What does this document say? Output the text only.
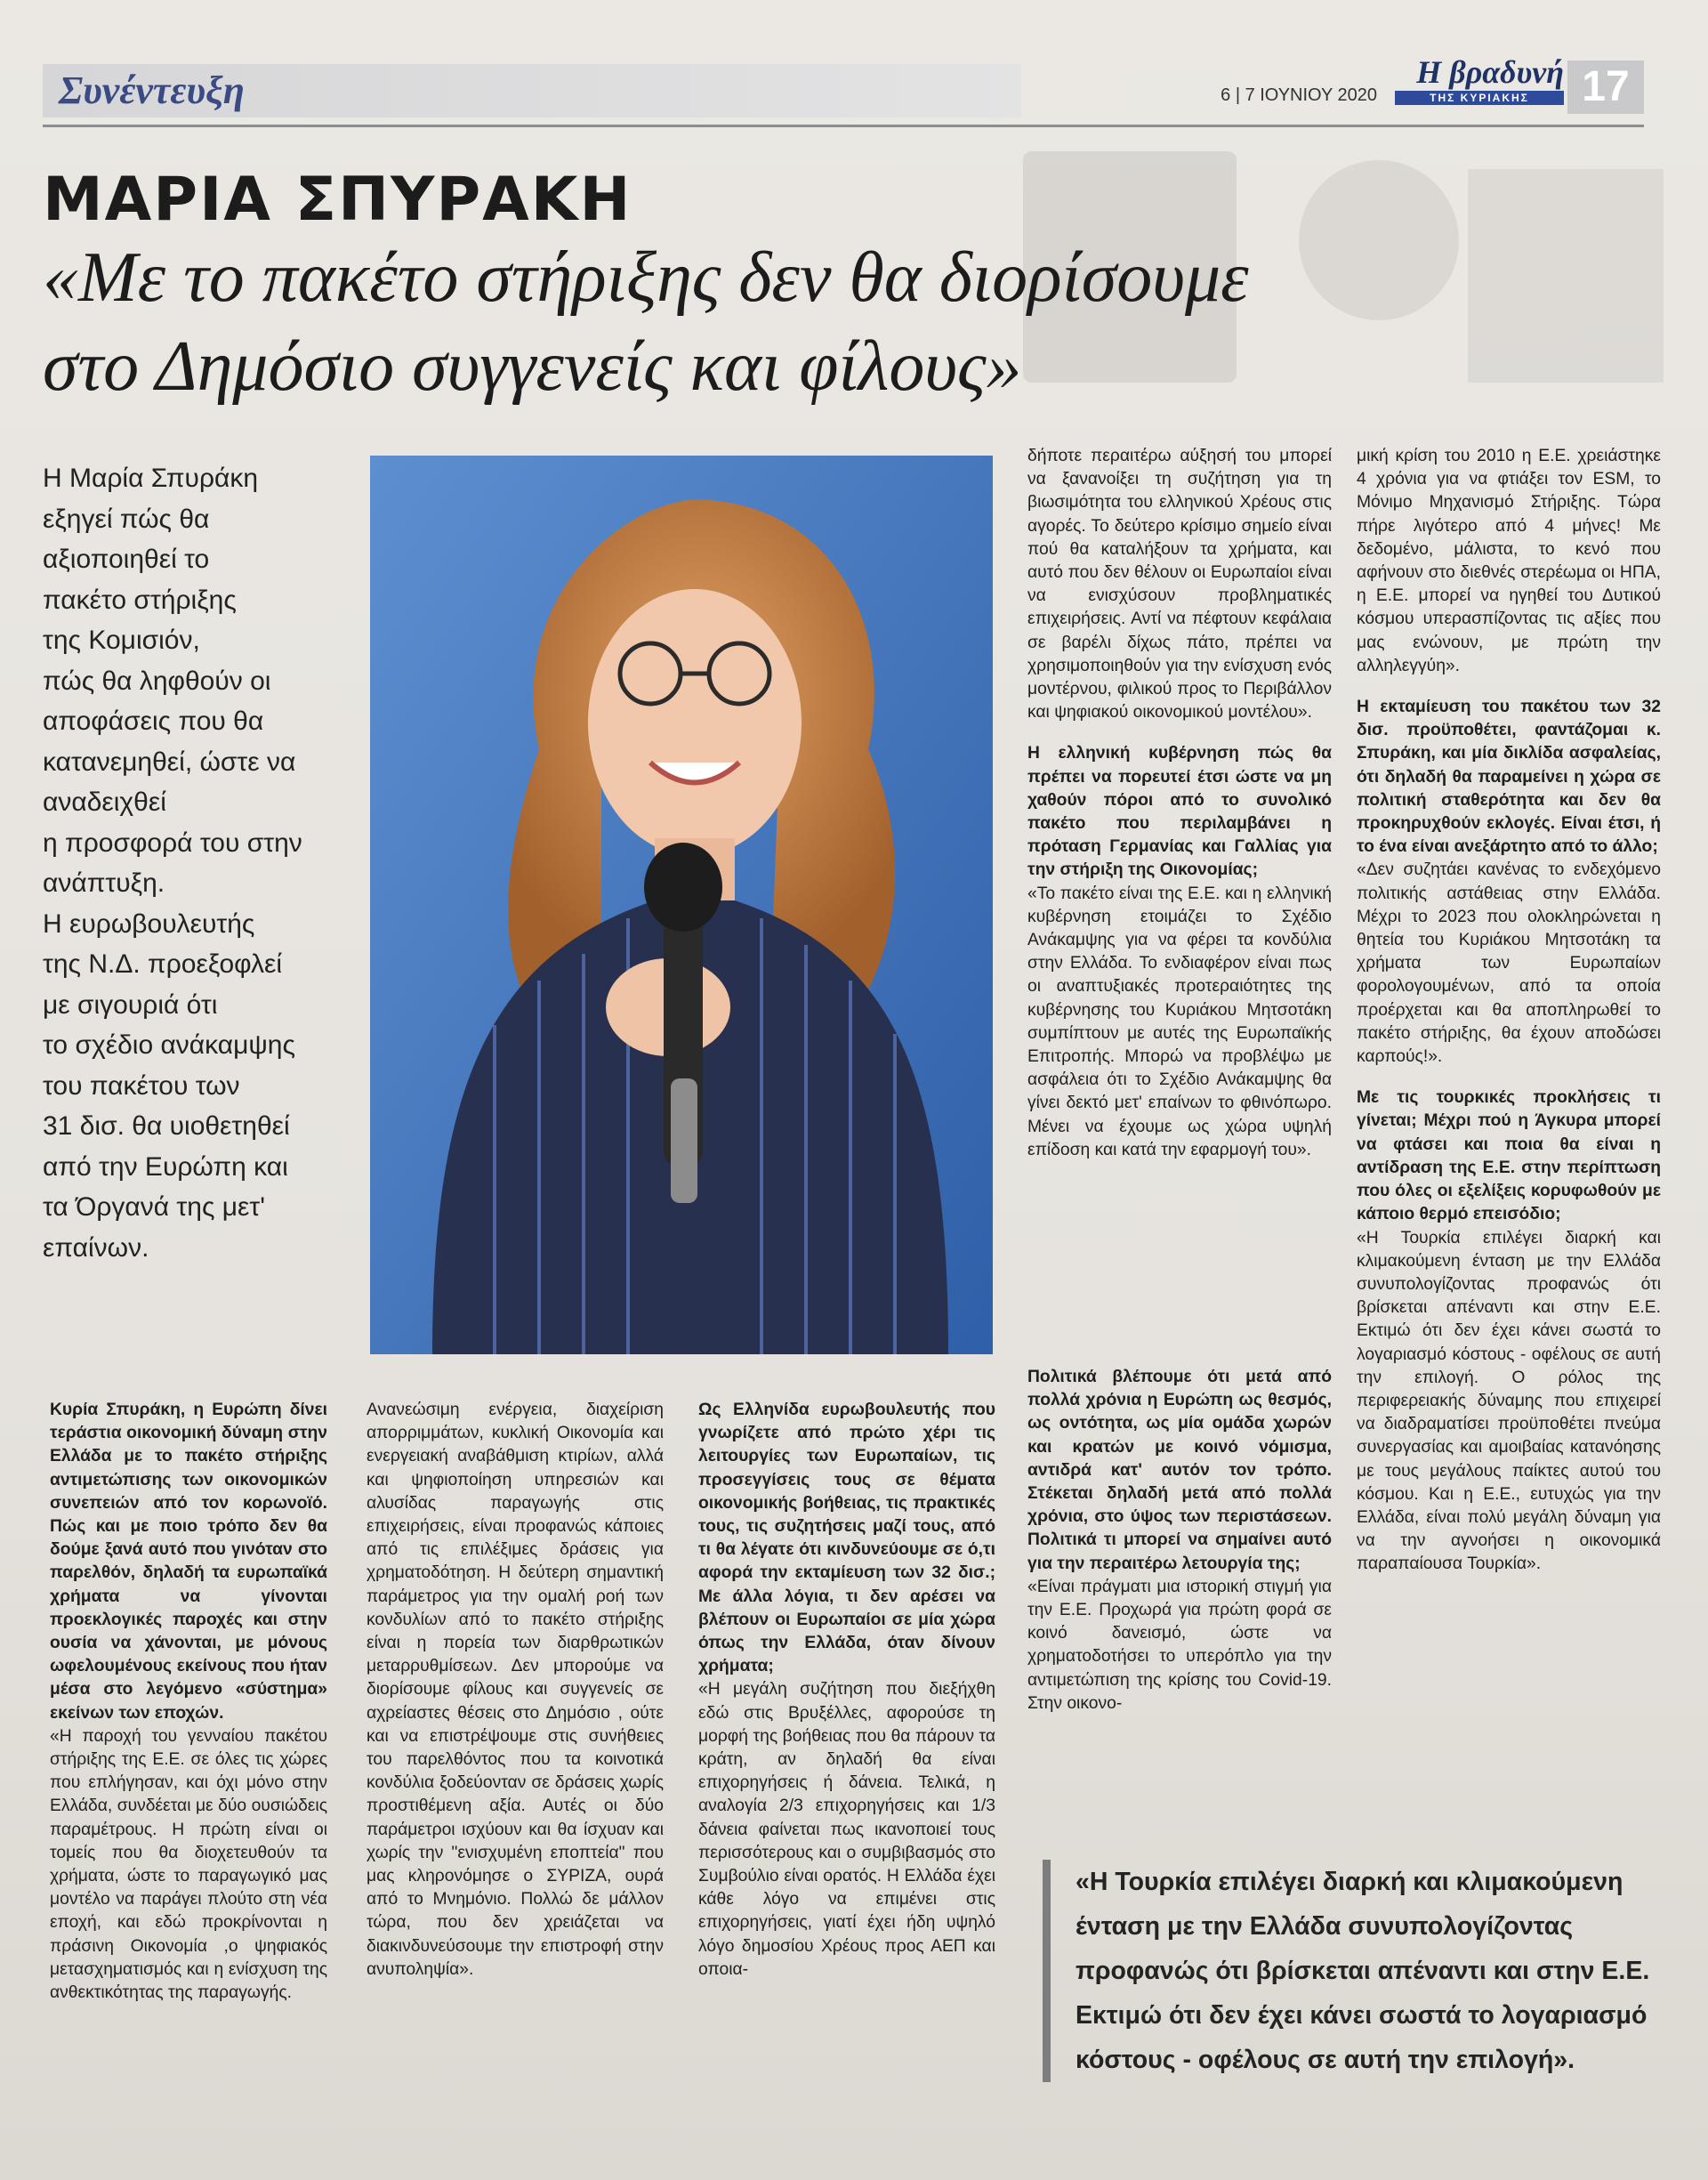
Συνέντευξη	6 | 7 ΙΟΥΝΙΟΥ 2020
Η βραδυνή
ΤΗΣ ΚΥΡΙΑΚΗΣ	17
ΜΑΡΙΑ ΣΠΥΡΑΚΗ
«Με το πακέτο στήριξης δεν θα διορίσουμε
στο Δημόσιο συγγενείς και φίλους»
Η Μαρία Σπυράκη
εξηγεί πώς θα
αξιοποιηθεί το
πακέτο στήριξης
της Κομισιόν,
πώς θα ληφθούν οι
αποφάσεις που θα
κατανεμηθεί, ώστε να
αναδειχθεί
η προσφορά του στην
ανάπτυξη.
Η ευρωβουλευτής
της Ν.Δ. προεξοφλεί
με σιγουριά ότι
το σχέδιο ανάκαμψης
του πακέτου των
31 δισ. θα υιοθετηθεί
από την Ευρώπη και
τα Όργανά της μετ'
επαίνων.

Κυρία Σπυράκη, η Ευρώπη δίνει τεράστια οικονομική δύναμη στην Ελλάδα με το πακέτο στήριξης αντιμετώπισης των οικονομικών συνεπειών από τον κορωνοϊό. Πώς και με ποιο τρόπο δεν θα δούμε ξανά αυτό που γινόταν στο παρελθόν, δηλαδή τα ευρωπαϊκά χρήματα να γίνονται προεκλογικές παροχές και στην ουσία να χάνονται, με μόνους ωφελουμένους εκείνους που ήταν μέσα στο λεγόμενο «σύστημα» εκείνων των εποχών.

«Η παροχή του γενναίου πακέτου στήριξης της Ε.Ε. σε όλες τις χώρες που επλήγησαν, και όχι μόνο στην Ελλάδα, συνδέεται με δύο ουσιώδεις παραμέτρους. Η πρώτη είναι οι τομείς που θα διοχετευθούν τα χρήματα, ώστε το παραγωγικό μας μοντέλο να παράγει πλούτο στη νέα εποχή, και εδώ προκρίνονται η πράσινη Οικονομία ,ο ψηφιακός μετασχηματισμός και η ενίσχυση της ανθεκτικότητας της παραγωγής.

Ανανεώσιμη ενέργεια, διαχείριση απορριμμάτων, κυκλική Οικονομία και ενεργειακή αναβάθμιση κτιρίων, αλλά και ψηφιοποίηση υπηρεσιών και αλυσίδας παραγωγής στις επιχειρήσεις, είναι προφανώς κάποιες από τις επιλέξιμες δράσεις για χρηματοδότηση. Η δεύτερη σημαντική παράμετρος για την ομαλή ροή των κονδυλίων από το πακέτο στήριξης είναι η πορεία των διαρθρωτικών μεταρρυθμίσεων. Δεν μπορούμε να διορίσουμε φίλους και συγγενείς σε αχρείαστες θέσεις στο Δημόσιο , ούτε και να επιστρέψουμε στις συνήθειες του παρελθόντος που τα κοινοτικά κονδύλια ξοδεύονταν σε δράσεις χωρίς προστιθέμενη αξία. Αυτές οι δύο παράμετροι ισχύουν και θα ίσχυαν και χωρίς την "ενισχυμένη εποπτεία" που μας κληρονόμησε ο ΣΥΡΙΖΑ, ουρά από το Μνημόνιο. Πολλώ δε μάλλον τώρα, που δεν χρειάζεται να διακινδυνεύσουμε την επιστροφή στην ανυποληψία».

Ως Ελληνίδα ευρωβουλευτής που γνωρίζετε από πρώτο χέρι τις λειτουργίες των Ευρωπαίων, τις προσεγγίσεις τους σε θέματα οικονομικής βοήθειας, τις πρακτικές τους, τις συζητήσεις μαζί τους, από τι θα λέγατε ότι κινδυνεύουμε σε ό,τι αφορά την εκταμίευση των 32 δισ.; Με άλλα λόγια, τι δεν αρέσει να βλέπουν οι Ευρωπαίοι σε μία χώρα όπως την Ελλάδα, όταν δίνουν χρήματα;

«Η μεγάλη συζήτηση που διεξήχθη εδώ στις Βρυξέλλες, αφορούσε τη μορφή της βοήθειας που θα πάρουν τα κράτη, αν δηλαδή θα είναι επιχορηγήσεις ή δάνεια. Τελικά, η αναλογία 2/3 επιχορηγήσεις και 1/3 δάνεια φαίνεται πως ικανοποιεί τους περισσότερους και ο συμβιβασμός στο Συμβούλιο είναι ορατός. Η Ελλάδα έχει κάθε λόγο να επιμένει στις επιχορηγήσεις, γιατί έχει ήδη υψηλό λόγο δημοσίου Χρέους προς ΑΕΠ και οποια-

δήποτε περαιτέρω αύξησή του μπορεί να ξανανοίξει τη συζήτηση για τη βιωσιμότητα του ελληνικού Χρέους στις αγορές. Το δεύτερο κρίσιμο σημείο είναι πού θα καταλήξουν τα χρήματα, και αυτό που δεν θέλουν οι Ευρωπαίοι είναι να ενισχύσουν προβληματικές επιχειρήσεις. Αντί να πέφτουν κεφάλαια σε βαρέλι δίχως πάτο, πρέπει να χρησιμοποιηθούν για την ενίσχυση ενός μοντέρνου, φιλικού προς το Περιβάλλον και ψηφιακού οικονομικού μοντέλου».

Η ελληνική κυβέρνηση πώς θα πρέπει να πορευτεί έτσι ώστε να μη χαθούν πόροι από το συνολικό πακέτο που περιλαμβάνει η πρόταση Γερμανίας και Γαλλίας για την στήριξη της Οικονομίας;

«Το πακέτο είναι της Ε.Ε. και η ελληνική κυβέρνηση ετοιμάζει το Σχέδιο Ανάκαμψης για να φέρει τα κονδύλια στην Ελλάδα. Το ενδιαφέρον είναι πως οι αναπτυξιακές προτεραιότητες της κυβέρνησης του Κυριάκου Μητσοτάκη συμπίπτουν με αυτές της Ευρωπαϊκής Επιτροπής. Μπορώ να προβλέψω με ασφάλεια ότι το Σχέδιο Ανάκαμψης θα γίνει δεκτό μετ' επαίνων το φθινόπωρο. Μένει να έχουμε ως χώρα υψηλή επίδοση και κατά την εφαρμογή του».

Πολιτικά βλέπουμε ότι μετά από πολλά χρόνια η Ευρώπη ως θεσμός, ως οντότητα, ως μία ομάδα χωρών και κρατών με κοινό νόμισμα, αντιδρά κατ' αυτόν τον τρόπο. Στέκεται δηλαδή μετά από πολλά χρόνια, στο ύψος των περιστάσεων. Πολιτικά τι μπορεί να σημαίνει αυτό για την περαιτέρω λετουργία της;

«Είναι πράγματι μια ιστορική στιγμή για την Ε.Ε. Προχωρά για πρώτη φορά σε κοινό δανεισμό, ώστε να χρηματοδοτήσει το υπερόπλο για την αντιμετώπιση της κρίσης του Covid-19. Στην οικονο-

μική κρίση του 2010 η Ε.Ε. χρειάστηκε 4 χρόνια για να φτιάξει τον ESM, το Μόνιμο Μηχανισμό Στήριξης. Τώρα πήρε λιγότερο από 4 μήνες! Με δεδομένο, μάλιστα, το κενό που αφήνουν στο διεθνές στερέωμα οι ΗΠΑ, η Ε.Ε. μπορεί να ηγηθεί του Δυτικού κόσμου υπερασπίζοντας τις αξίες που μας ενώνουν, με πρώτη την αλληλεγγύη».

Η εκταμίευση του πακέτου των 32 δισ. προϋποθέτει, φαντάζομαι κ. Σπυράκη, και μία δικλίδα ασφαλείας, ότι δηλαδή θα παραμείνει η χώρα σε πολιτική σταθερότητα και δεν θα προκηρυχθούν εκλογές. Είναι έτσι, ή το ένα είναι ανεξάρτητο από το άλλο;

«Δεν συζητάει κανένας το ενδεχόμενο πολιτικής αστάθειας στην Ελλάδα. Μέχρι το 2023 που ολοκληρώνεται η θητεία του Κυριάκου Μητσοτάκη τα χρήματα των Ευρωπαίων φορολογουμένων, από τα οποία προέρχεται και θα αποπληρωθεί το πακέτο στήριξης, θα έχουν αποδώσει καρπούς!».

Με τις τουρκικές προκλήσεις τι γίνεται; Μέχρι πού η Άγκυρα μπορεί να φτάσει και ποια θα είναι η αντίδραση της Ε.Ε. στην περίπτωση που όλες οι εξελίξεις κορυφωθούν με κάποιο θερμό επεισόδιο;

«Η Τουρκία επιλέγει διαρκή και κλιμακούμενη ένταση με την Ελλάδα συνυπολογίζοντας προφανώς ότι βρίσκεται απέναντι και στην Ε.Ε. Εκτιμώ ότι δεν έχει κάνει σωστά το λογαριασμό κόστους - οφέλους σε αυτή την επιλογή. Ο ρόλος της περιφερειακής δύναμης που επιχειρεί να διαδραματίσει προϋποθέτει πνεύμα συνεργασίας και αμοιβαίας κατανόησης με τους μεγάλους παίκτες αυτού του κόσμου. Και η Ε.Ε., ευτυχώς για την Ελλάδα, είναι πολύ μεγάλη δύναμη για να την αγνοήσει η οικονομικά παραπαίουσα Τουρκία».

«Η Τουρκία επιλέγει διαρκή και κλιμακούμενη ένταση με την Ελλάδα συνυπολογίζοντας προφανώς ότι βρίσκεται απέναντι και στην Ε.Ε. Εκτιμώ ότι δεν έχει κάνει σωστά το λογαριασμό κόστους - οφέλους σε αυτή την επιλογή».
